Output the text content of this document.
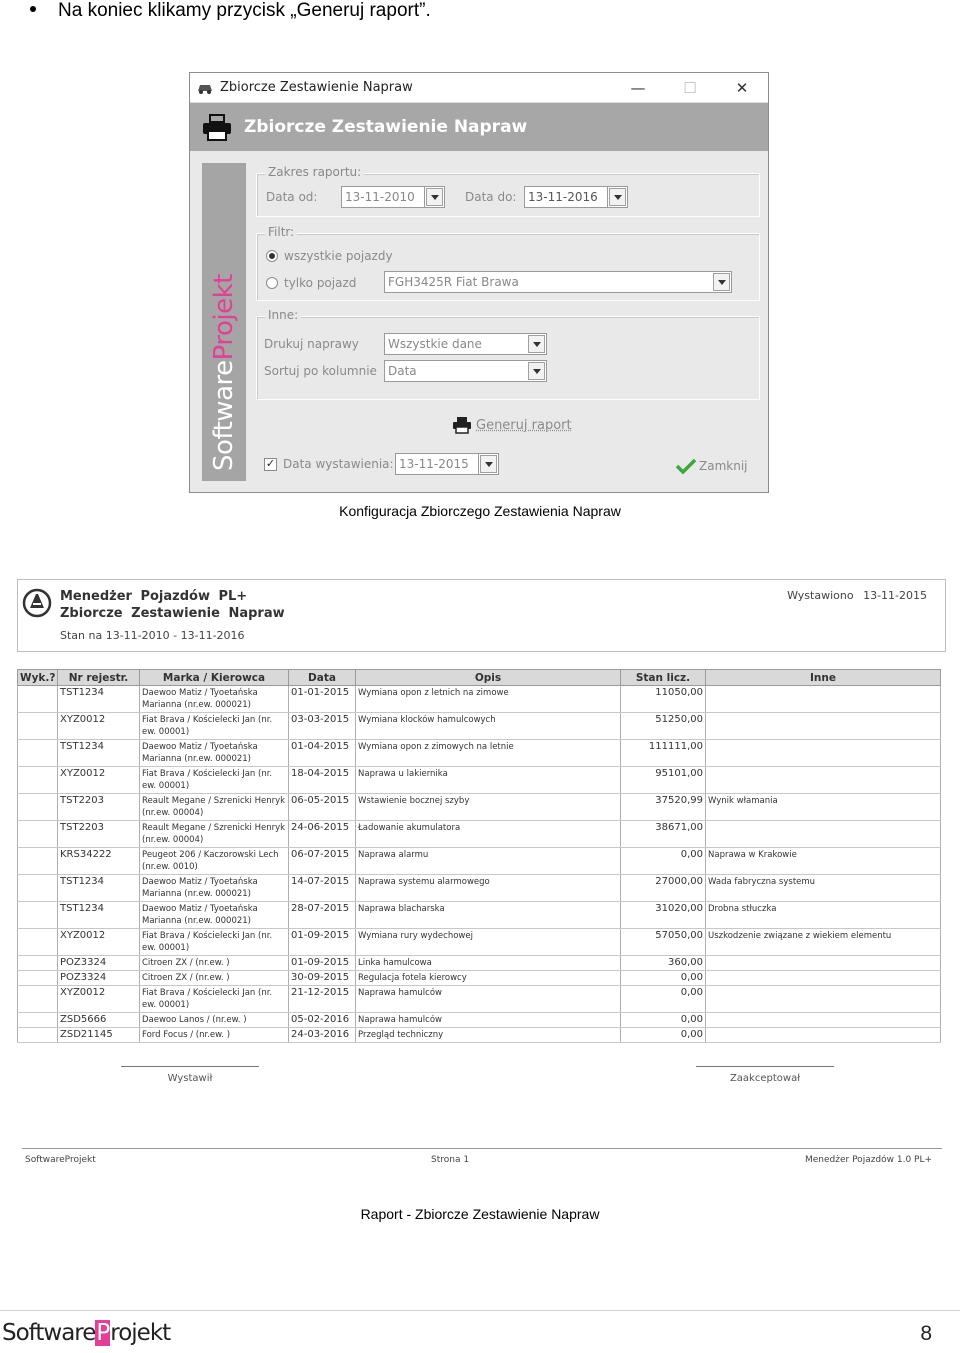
Na koniec klikamy przycisk „Generuj raport”.
Zbiorcze Zestawienie Napraw	—	☐	✕
Zbiorcze Zestawienie Napraw
SoftwareProjekt
Zakres raportu:
Data od:	13-11-2010	Data do: 13-11-2016
Filtr:
wszystkie pojazdy
tylko pojazd	FGH3425R Fiat Brawa
Inne:
Drukuj naprawy	Wszystkie dane
Sortuj po kolumnie Data
Generuj raport
✓ Data wystawienia: 13-11-2015	Zamknij
Konfiguracja Zbiorczego Zestawienia Napraw
Menedżer Pojazdów PL+
Zbiorcze Zestawienie Napraw
Stan na 13-11-2010 - 13-11-2016
Wystawiono 13-11-2015
Wyk.?	Nr rejestr.	Marka / Kierowca	Data	Opis	Stan licz.	Inne
	TST1234	Daewoo Matiz / Tyoetańska Marianna (nr.ew. 000021)	01-01-2015	Wymiana opon z letnich na zimowe	11050,00	
	XYZ0012	Fiat Brava / Kościelecki Jan (nr. ew. 00001)	03-03-2015	Wymiana klocków hamulcowych	51250,00	
	TST1234	Daewoo Matiz / Tyoetańska Marianna (nr.ew. 000021)	01-04-2015	Wymiana opon z zimowych na letnie	111111,00	
	XYZ0012	Fiat Brava / Kościelecki Jan (nr. ew. 00001)	18-04-2015	Naprawa u lakiernika	95101,00	
	TST2203	Reault Megane / Szrenicki Henryk (nr.ew. 00004)	06-05-2015	Wstawienie bocznej szyby	37520,99	Wynik włamania
	TST2203	Reault Megane / Szrenicki Henryk (nr.ew. 00004)	24-06-2015	Ładowanie akumulatora	38671,00	
	KRS34222	Peugeot 206 / Kaczorowski Lech (nr.ew. 0010)	06-07-2015	Naprawa alarmu	0,00	Naprawa w Krakowie
	TST1234	Daewoo Matiz / Tyoetańska Marianna (nr.ew. 000021)	14-07-2015	Naprawa systemu alarmowego	27000,00	Wada fabryczna systemu
	TST1234	Daewoo Matiz / Tyoetańska Marianna (nr.ew. 000021)	28-07-2015	Naprawa blacharska	31020,00	Drobna stłuczka
	XYZ0012	Fiat Brava / Kościelecki Jan (nr. ew. 00001)	01-09-2015	Wymiana rury wydechowej	57050,00	Uszkodzenie związane z wiekiem elementu
	POZ3324	Citroen ZX / (nr.ew. )	01-09-2015	Linka hamulcowa	360,00	
	POZ3324	Citroen ZX / (nr.ew. )	30-09-2015	Regulacja fotela kierowcy	0,00	
	XYZ0012	Fiat Brava / Kościelecki Jan (nr. ew. 00001)	21-12-2015	Naprawa hamulców	0,00	
	ZSD5666	Daewoo Lanos / (nr.ew. )	05-02-2016	Naprawa hamulców	0,00	
	ZSD21145	Ford Focus / (nr.ew. )	24-03-2016	Przegląd techniczny	0,00	
Wystawił	Zaakceptował
SoftwareProjekt	Strona 1	Menedżer Pojazdów 1.0 PL+
Raport - Zbiorcze Zestawienie Napraw
SoftwareProjekt	8
